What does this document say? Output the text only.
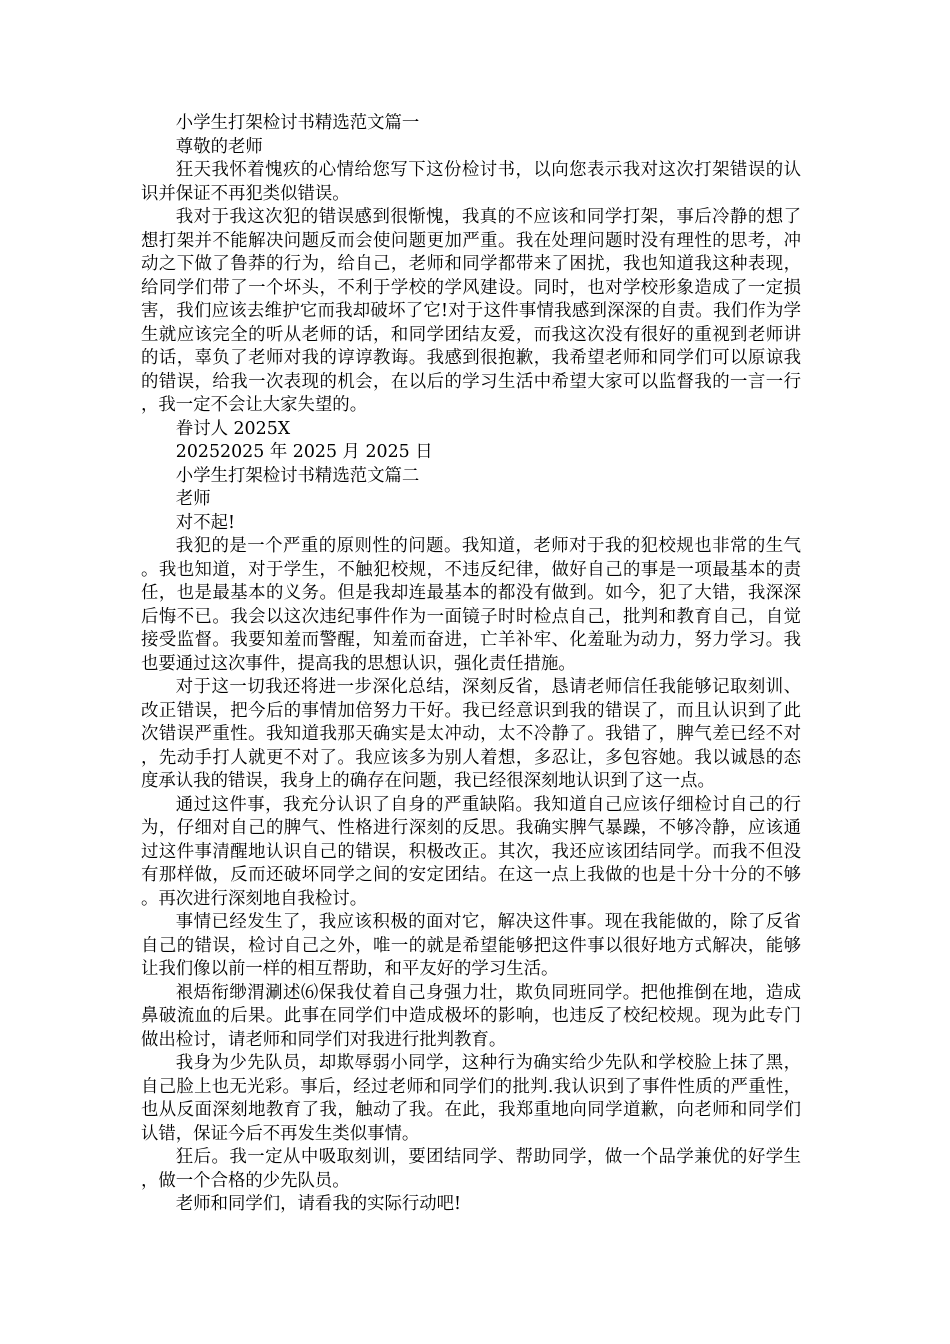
小学生打架检讨书精选范文篇一

尊敬的老师

狂天我怀着愧疚的心情给您写下这份检讨书，以向您表示我对这次打架错误的认识并保证不再犯类似错误。

我对于我这次犯的错误感到很惭愧，我真的不应该和同学打架，事后冷静的想了想打架并不能解决问题反而会使问题更加严重。我在处理问题时没有理性的思考，冲动之下做了鲁莽的行为，给自己，老师和同学都带来了困扰，我也知道我这种表现，给同学们带了一个坏头，不利于学校的学风建设。同时，也对学校形象造成了一定损害，我们应该去维护它而我却破坏了它!对于这件事情我感到深深的自责。我们作为学生就应该完全的听从老师的话，和同学团结友爱，而我这次没有很好的重视到老师讲的话，辜负了老师对我的谆谆教诲。我感到很抱歉，我希望老师和同学们可以原谅我的错误，给我一次表现的机会，在以后的学习生活中希望大家可以监督我的一言一行，我一定不会让大家失望的。

眷讨人 2025X

20252025 年 2025 月 2025 日

小学生打架检讨书精选范文篇二

老师

对不起!

我犯的是一个严重的原则性的问题。我知道，老师对于我的犯校规也非常的生气。我也知道，对于学生，不触犯校规，不违反纪律，做好自己的事是一项最基本的责任，也是最基本的义务。但是我却连最基本的都没有做到。如今，犯了大错，我深深后悔不已。我会以这次违纪事件作为一面镜子时时检点自己，批判和教育自己，自觉接受监督。我要知羞而警醒，知羞而奋进，亡羊补牢、化羞耻为动力，努力学习。我也要通过这次事件，提高我的思想认识，强化责任措施。

对于这一切我还将进一步深化总结，深刻反省，恳请老师信任我能够记取刻训、改正错误，把今后的事情加倍努力干好。我已经意识到我的错误了，而且认识到了此次错误严重性。我知道我那天确实是太冲动，太不冷静了。我错了，脾气差已经不对，先动手打人就更不对了。我应该多为别人着想，多忍让，多包容她。我以诚恳的态度承认我的错误，我身上的确存在问题，我已经很深刻地认识到了这一点。

通过这件事，我充分认识了自身的严重缺陷。我知道自己应该仔细检讨自己的行为，仔细对自己的脾气、性格进行深刻的反思。我确实脾气暴躁，不够冷静，应该通过这件事清醒地认识自己的错误，积极改正。其次，我还应该团结同学。而我不但没有那样做，反而还破坏同学之间的安定团结。在这一点上我做的也是十分十分的不够。再次进行深刻地自我检讨。

事情已经发生了，我应该积极的面对它，解决这件事。现在我能做的，除了反省自己的错误，检讨自己之外，唯一的就是希望能够把这件事以很好地方式解决，能够让我们像以前一样的相互帮助，和平友好的学习生活。

裉焐衔缈渭涮述⑹保我仗着自己身强力壮，欺负同班同学。把他推倒在地，造成鼻破流血的后果。此事在同学们中造成极坏的影响，也违反了校纪校规。现为此专门做出检讨，请老师和同学们对我进行批判教育。

我身为少先队员，却欺辱弱小同学，这种行为确实给少先队和学校脸上抹了黑，自己脸上也无光彩。事后，经过老师和同学们的批判.我认识到了事件性质的严重性，也从反面深刻地教育了我，触动了我。在此，我郑重地向同学道歉，向老师和同学们认错，保证今后不再发生类似事情。

狂后。我一定从中吸取刻训，要团结同学、帮助同学，做一个品学兼优的好学生，做一个合格的少先队员。

老师和同学们，请看我的实际行动吧!
